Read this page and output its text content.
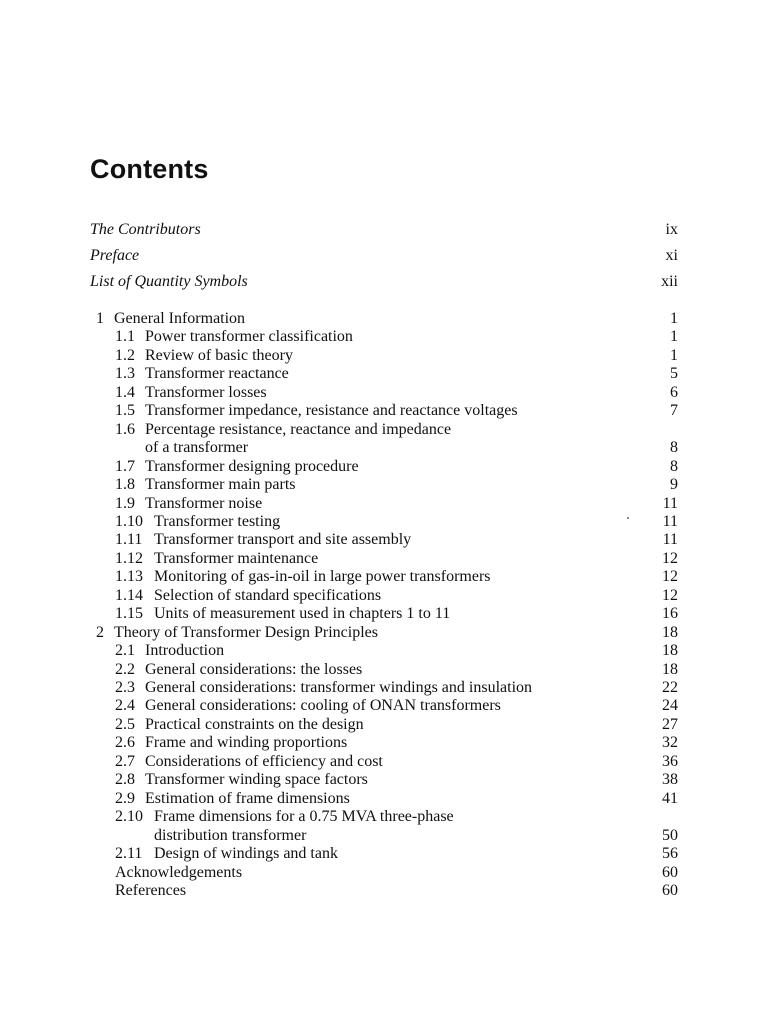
Contents
The Contributors	ix
Preface	xi
List of Quantity Symbols	xii
1 General Information	1
1.1 Power transformer classification	1
1.2 Review of basic theory	1
1.3 Transformer reactance	5
1.4 Transformer losses	6
1.5 Transformer impedance, resistance and reactance voltages	7
1.6 Percentage resistance, reactance and impedance
of a transformer	8
1.7 Transformer designing procedure	8
1.8 Transformer main parts	9
1.9 Transformer noise	11
1.10 Transformer testing	11
1.11 Transformer transport and site assembly	11
1.12 Transformer maintenance	12
1.13 Monitoring of gas-in-oil in large power transformers	12
1.14 Selection of standard specifications	12
1.15 Units of measurement used in chapters 1 to 11	16
2 Theory of Transformer Design Principles	18
2.1 Introduction	18
2.2 General considerations: the losses	18
2.3 General considerations: transformer windings and insulation	22
2.4 General considerations: cooling of ONAN transformers	24
2.5 Practical constraints on the design	27
2.6 Frame and winding proportions	32
2.7 Considerations of efficiency and cost	36
2.8 Transformer winding space factors	38
2.9 Estimation of frame dimensions	41
2.10 Frame dimensions for a 0.75 MVA three-phase
distribution transformer	50
2.11 Design of windings and tank	56
Acknowledgements	60
References	60
